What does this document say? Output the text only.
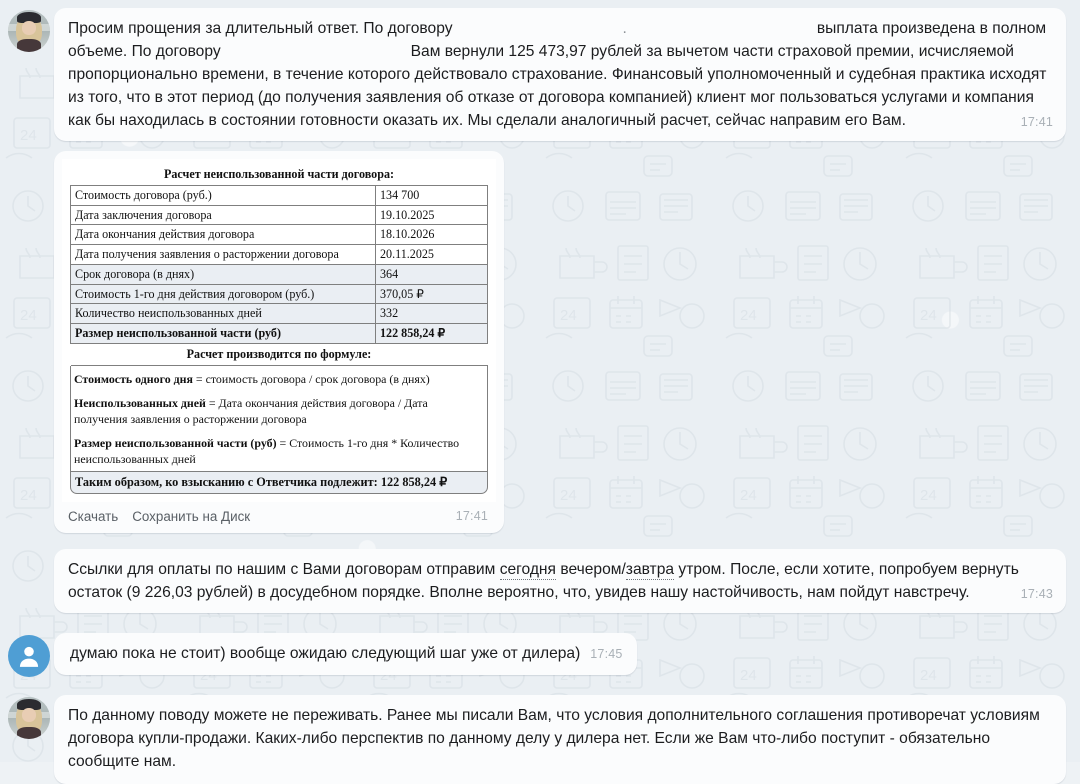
Просим прощения за длительный ответ. По договору	.	выплата произведена в полном объеме. По договору	Вам вернули 125 473,97 рублей за вычетом части страховой премии, исчисляемой пропорционально времени, в течение которого действовало страхование. Финансовый уполномоченный и судебная практика исходят из того, что в этот период (до получения заявления об отказе от договора компанией) клиент мог пользоваться услугами и компания как бы находилась в состоянии готовности оказать их. Мы сделали аналогичный расчет, сейчас направим его Вам.	17:41
Расчет неиспользованной части договора:	
Стоимость договора (руб.)	134 700
Дата заключения договора	19.10.2025
Дата окончания действия договора	18.10.2026
Дата получения заявления о расторжении договора	20.11.2025
Срок договора (в днях)	364
Стоимость 1-го дня действия договором (руб.)	370,05 ₽
Количество неиспользованных дней	332
Размер неиспользованной части (руб)	122 858,24 ₽
Расчет производится по формуле:	
Стоимость одного дня = стоимость договора / срок договора (в днях)
Неиспользованных дней = Дата окончания действия договора / Дата получения заявления о расторжении договора
Размер неиспользованной части (руб) = Стоимость 1-го дня * Количество неиспользованных дней
Таким образом, ко взысканию с Ответчика подлежит: 122 858,24 ₽
Скачать Сохранить на Диск	17:41

Ссылки для оплаты по нашим с Вами договорам отправим сегодня вечером/завтра утром. После, если хотите, попробуем вернуть остаток (9 226,03 рублей) в досудебном порядке. Вполне вероятно, что, увидев нашу настойчивость, нам пойдут навстречу.	17:43
думаю пока не стоит) вообще ожидаю следующий шаг уже от дилера) 17:45

По данному поводу можете не переживать. Ранее мы писали Вам, что условия дополнительного соглашения противоречат условиям договора купли-продажи. Каких-либо перспектив по данному делу у дилера нет. Если же Вам что-либо поступит - обязательно сообщите нам.
